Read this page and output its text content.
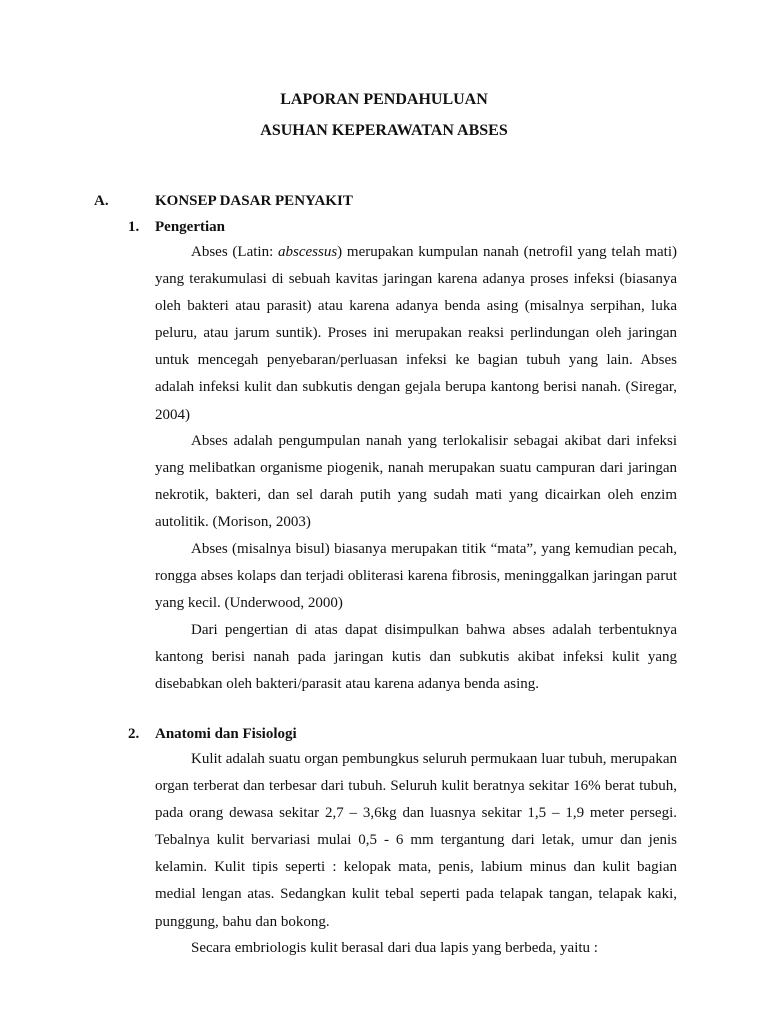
LAPORAN PENDAHULUAN
ASUHAN KEPERAWATAN ABSES
A.	KONSEP DASAR PENYAKIT
1. Pengertian

Abses (Latin: abscessus) merupakan kumpulan nanah (netrofil yang telah mati) yang terakumulasi di sebuah kavitas jaringan karena adanya proses infeksi (biasanya oleh bakteri atau parasit) atau karena adanya benda asing (misalnya serpihan, luka peluru, atau jarum suntik). Proses ini merupakan reaksi perlindungan oleh jaringan untuk mencegah penyebaran/perluasan infeksi ke bagian tubuh yang lain. Abses adalah infeksi kulit dan subkutis dengan gejala berupa kantong berisi nanah. (Siregar, 2004)

Abses adalah pengumpulan nanah yang terlokalisir sebagai akibat dari infeksi yang melibatkan organisme piogenik, nanah merupakan suatu campuran dari jaringan nekrotik, bakteri, dan sel darah putih yang sudah mati yang dicairkan oleh enzim autolitik. (Morison, 2003)

Abses (misalnya bisul) biasanya merupakan titik “mata”, yang kemudian pecah, rongga abses kolaps dan terjadi obliterasi karena fibrosis, meninggalkan jaringan parut yang kecil. (Underwood, 2000)

Dari pengertian di atas dapat disimpulkan bahwa abses adalah terbentuknya kantong berisi nanah pada jaringan kutis dan subkutis akibat infeksi kulit yang disebabkan oleh bakteri/parasit atau karena adanya benda asing.

2. Anatomi dan Fisiologi

Kulit adalah suatu organ pembungkus seluruh permukaan luar tubuh, merupakan organ terberat dan terbesar dari tubuh. Seluruh kulit beratnya sekitar 16% berat tubuh, pada orang dewasa sekitar 2,7 – 3,6kg dan luasnya sekitar 1,5 – 1,9 meter persegi. Tebalnya kulit bervariasi mulai 0,5 - 6 mm tergantung dari letak, umur dan jenis kelamin. Kulit tipis seperti : kelopak mata, penis, labium minus dan kulit bagian medial lengan atas. Sedangkan kulit tebal seperti pada telapak tangan, telapak kaki, punggung, bahu dan bokong.

Secara embriologis kulit berasal dari dua lapis yang berbeda, yaitu :
